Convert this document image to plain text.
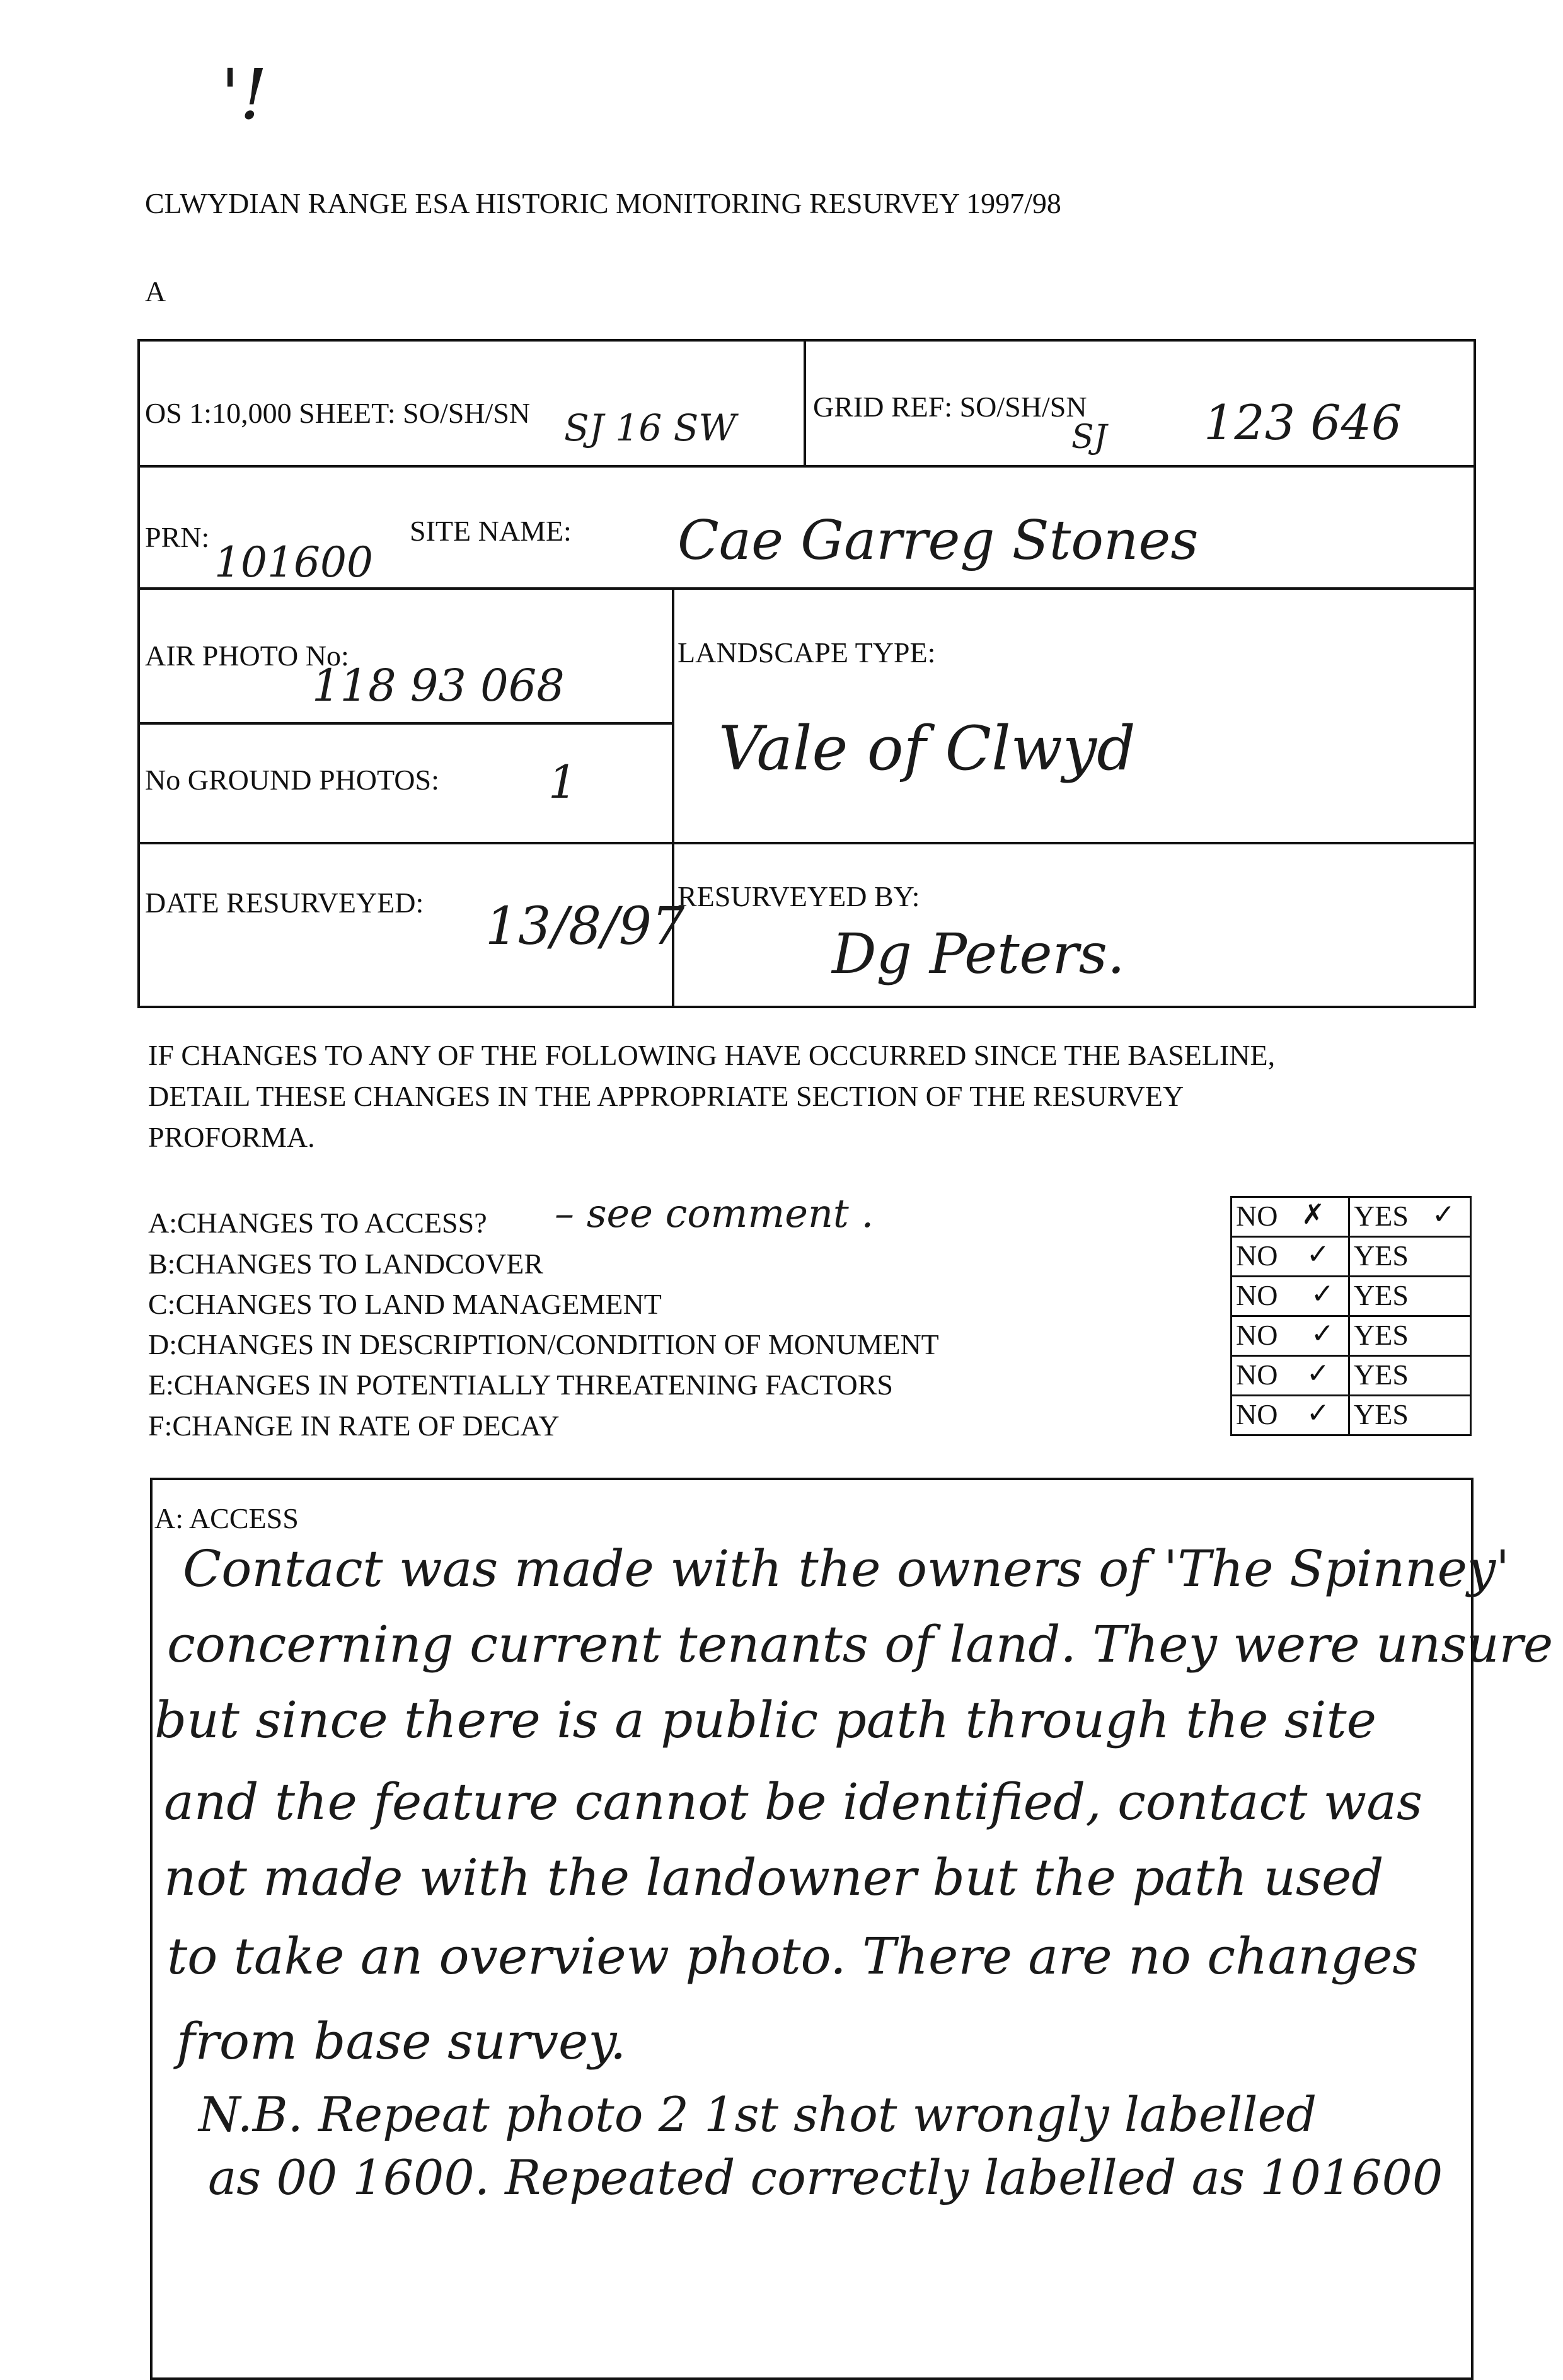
'!
CLWYDIAN RANGE ESA HISTORIC MONITORING RESURVEY 1997/98
A
OS 1:10,000 SHEET: SO/SH/SN SJ 16 SW	GRID REF: SO/SH/SN
SJ 123 646
PRN:
101600
SITE NAME: Cae Garreg Stones
AIR PHOTO No:
118 93 068
LANDSCAPE TYPE:
Vale of Clwyd
No GROUND PHOTOS: 1
DATE RESURVEYED: 13/8/97
RESURVEYED BY:
Dg Peters.
IF CHANGES TO ANY OF THE FOLLOWING HAVE OCCURRED SINCE THE BASELINE,
DETAIL THESE CHANGES IN THE APPROPRIATE SECTION OF THE RESURVEY
PROFORMA.
A:CHANGES TO ACCESS? – see comment .
B:CHANGES TO LANDCOVER
C:CHANGES TO LAND MANAGEMENT
D:CHANGES IN DESCRIPTION/CONDITION OF MONUMENT
E:CHANGES IN POTENTIALLY THREATENING FACTORS
F:CHANGE IN RATE OF DECAY
NO ✗ YES ✓
NO ✓ YES
NO ✓ YES
NO ✓ YES
NO ✓ YES
NO ✓ YES
A: ACCESS
Contact was made with the owners of 'The Spinney'
concerning current tenants of land. They were unsure
but since there is a public path through the site
and the feature cannot be identified, contact was
not made with the landowner but the path used
to take an overview photo. There are no changes
from base survey.
N.B. Repeat photo 2 1st shot wrongly labelled
as 00 1600. Repeated correctly labelled as 101600
